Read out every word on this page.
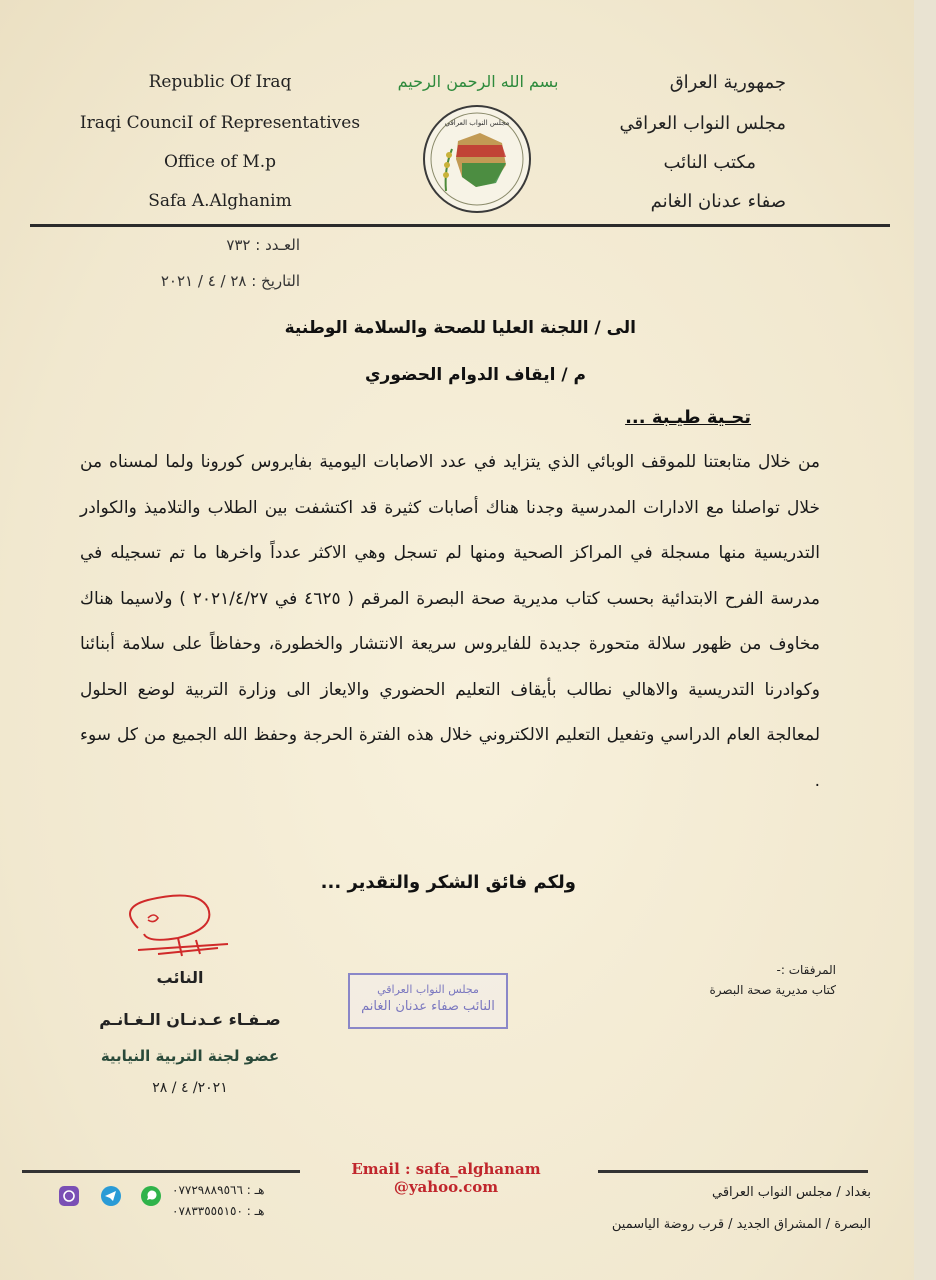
Republic Of Iraq
Iraqi CounciI of Representatives
Office of M.p
Safa A.Alghanim
بسم الله الرحمن الرحيم
مجلس النواب العراقي
جمهورية العراق
مجلس النواب العراقي
مكتب النائب
صفاء عدنان الغانم
العـدد : ٧٣٢
التاريخ : ٢٨ / ٤ / ٢٠٢١
الى / اللجنة العليا للصحة والسلامة الوطنية
م / ايقاف الدوام الحضوري
تحـية طيـبة ...
من خلال متابعتنا للموقف الوبائي الذي يتزايد في عدد الاصابات اليومية بفايروس كورونا ولما لمسناه من خلال تواصلنا مع الادارات المدرسية وجدنا هناك أصابات كثيرة قد اكتشفت بين الطلاب والتلاميذ والكوادر التدريسية منها مسجلة في المراكز الصحية ومنها لم تسجل وهي الاكثر عدداً واخرها ما تم تسجيله في مدرسة الفرح الابتدائية بحسب كتاب مديرية صحة البصرة المرقم ( ٤٦٢٥ في ٢٠٢١/٤/٢٧ ) ولاسيما هناك مخاوف من ظهور سلالة متحورة جديدة للفايروس سريعة الانتشار والخطورة، وحفاظاً على سلامة أبنائنا وكوادرنا التدريسية والاهالي نطالب بأيقاف التعليم الحضوري والايعاز الى وزارة التربية لوضع الحلول لمعالجة العام الدراسي وتفعيل التعليم الالكتروني خلال هذه الفترة الحرجة وحفظ الله الجميع من كل سوء .
ولكم فائق الشكر والتقدير ...
النائب
صـفـاء عـدنـان الـغـانـم
عضو لجنة التربية النيابية
٢٠٢١/ ٤ / ٢٨
مجلس النواب العراقي
النائب صفاء عدنان الغانم
المرفقات :-
كتاب مديرية صحة البصرة
Email : safa_alghanam @yahoo.com	بغداد / مجلس النواب العراقي
البصرة / المشراق الجديد / قرب روضة الياسمين
هـ : ٠٧٧٢٩٨٨٩٥٦٦
هـ : ٠٧٨٣٣٥٥٥١٥٠
